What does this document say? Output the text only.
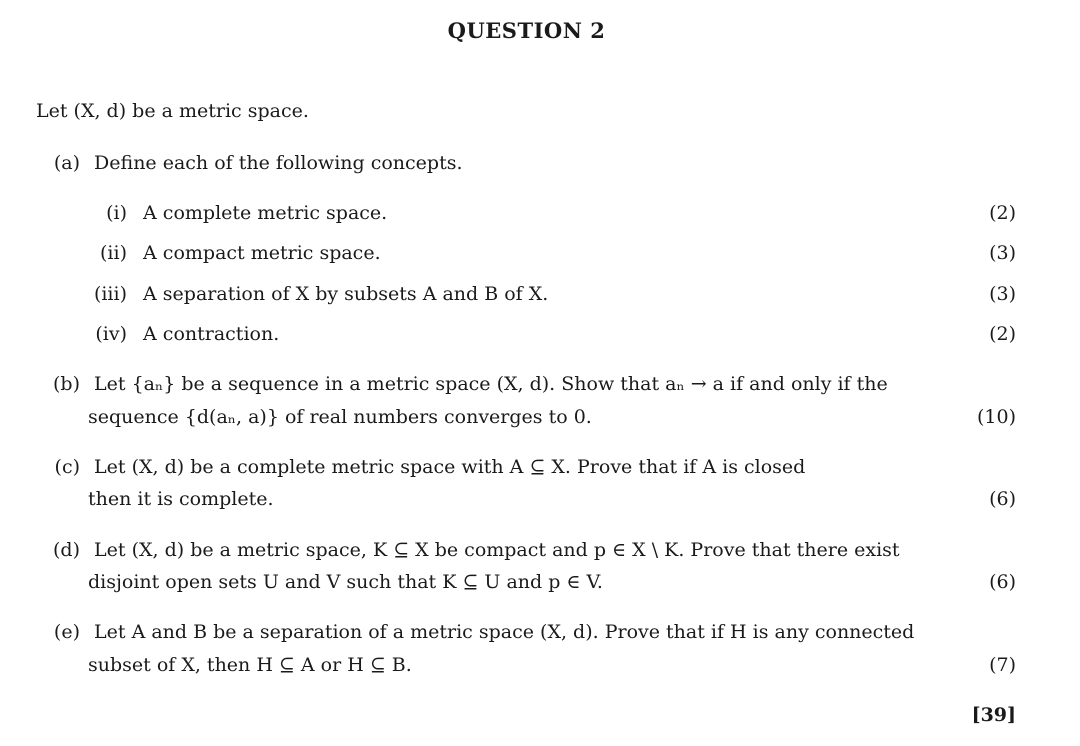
QUESTION 2
Let (X, d) be a metric space.
(a) Define each of the following concepts.
(i) A complete metric space.	(2)
(ii) A compact metric space.	(3)
(iii) A separation of X by subsets A and B of X.	(3)
(iv) A contraction.	(2)
(b) Let {aₙ} be a sequence in a metric space (X, d). Show that aₙ → a if and only if the
sequence {d(aₙ, a)} of real numbers converges to 0.	(10)
(c) Let (X, d) be a complete metric space with A ⊆ X. Prove that if A is closed
then it is complete.	(6)
(d) Let (X, d) be a metric space, K ⊆ X be compact and p ∈ X \ K. Prove that there exist
disjoint open sets U and V such that K ⊆ U and p ∈ V.	(6)
(e) Let A and B be a separation of a metric space (X, d). Prove that if H is any connected
subset of X, then H ⊆ A or H ⊆ B.	(7)
[39]
